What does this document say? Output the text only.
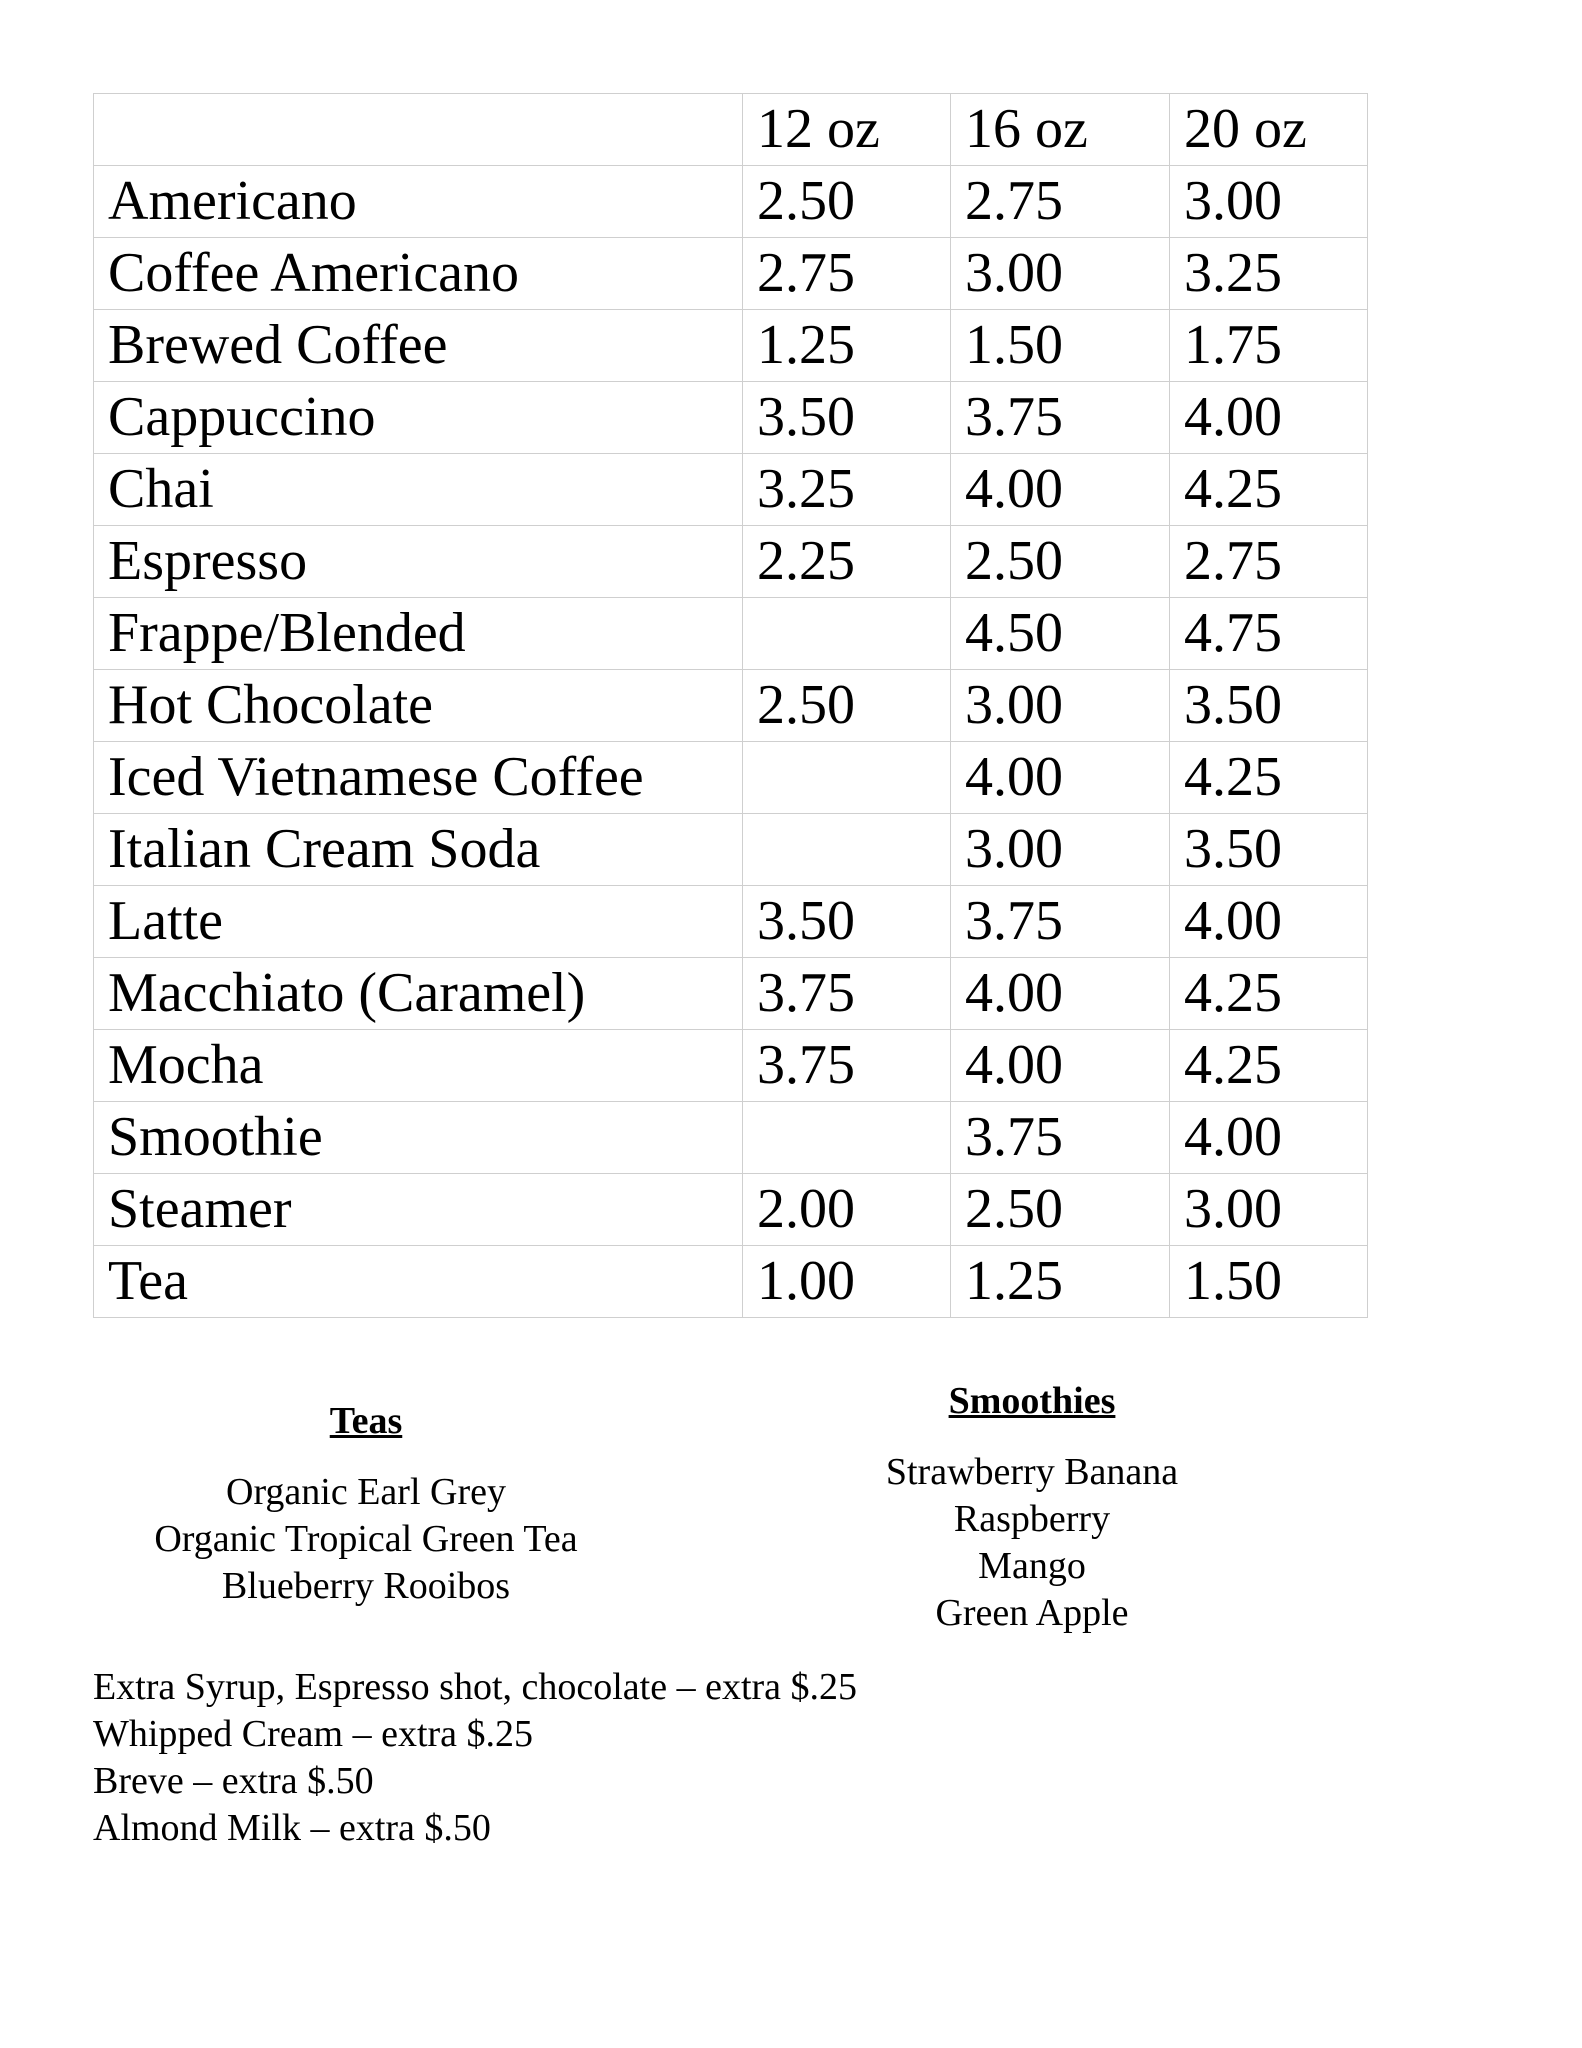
	12 oz	16 oz	20 oz
Americano	2.50	2.75	3.00
Coffee Americano	2.75	3.00	3.25
Brewed Coffee	1.25	1.50	1.75
Cappuccino	3.50	3.75	4.00
Chai	3.25	4.00	4.25
Espresso	2.25	2.50	2.75
Frappe/Blended		4.50	4.75
Hot Chocolate	2.50	3.00	3.50
Iced Vietnamese Coffee		4.00	4.25
Italian Cream Soda		3.00	3.50
Latte	3.50	3.75	4.00
Macchiato (Caramel)	3.75	4.00	4.25
Mocha	3.75	4.00	4.25
Smoothie		3.75	4.00
Steamer	2.00	2.50	3.00
Tea	1.00	1.25	1.50
Teas
Organic Earl Grey
Organic Tropical Green Tea
Blueberry Rooibos
Smoothies
Strawberry Banana
Raspberry
Mango
Green Apple
Extra Syrup, Espresso shot, chocolate – extra $.25
Whipped Cream – extra $.25
Breve – extra $.50
Almond Milk – extra $.50
